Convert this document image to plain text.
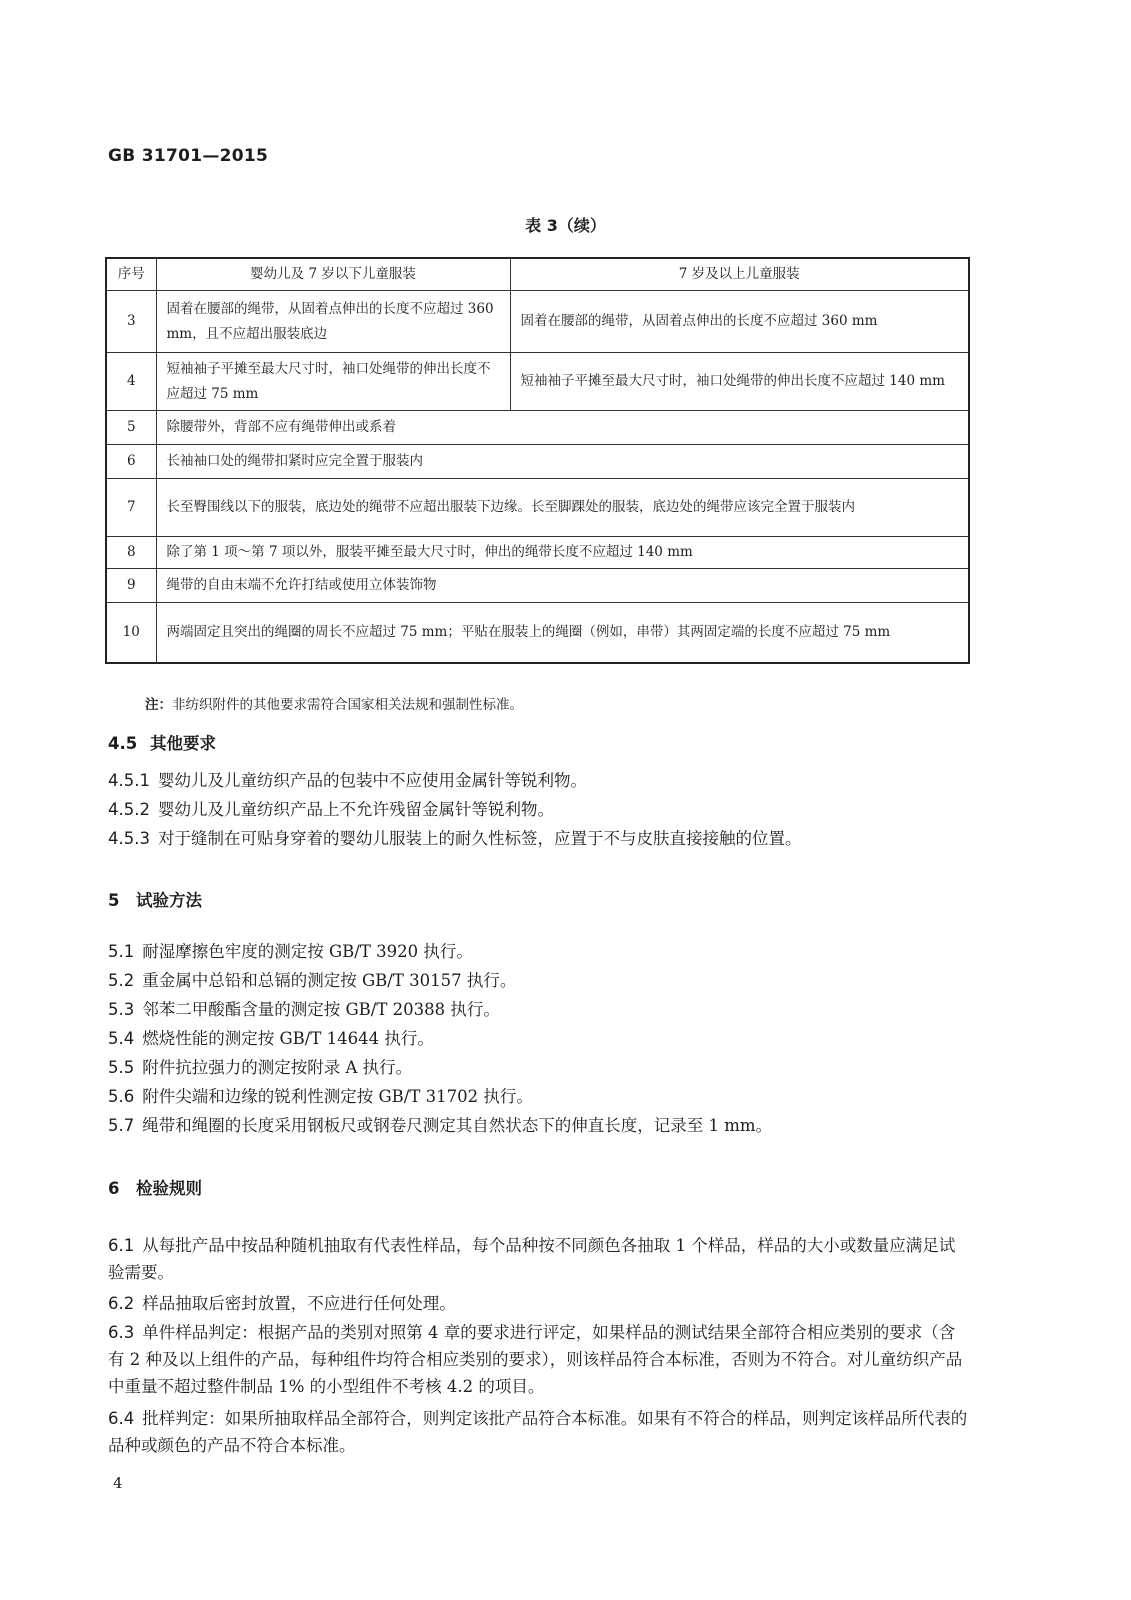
GB 31701—2015
表 3（续）
序号	婴幼儿及 7 岁以下儿童服装	7 岁及以上儿童服装
3	固着在腰部的绳带，从固着点伸出的长度不应超过 360 mm，且不应超出服装底边	固着在腰部的绳带，从固着点伸出的长度不应超过 360 mm
4	短袖袖子平摊至最大尺寸时，袖口处绳带的伸出长度不应超过 75 mm	短袖袖子平摊至最大尺寸时，袖口处绳带的伸出长度不应超过 140 mm
5	除腰带外，背部不应有绳带伸出或系着	
6	长袖袖口处的绳带扣紧时应完全置于服装内	
7	长至臀围线以下的服装，底边处的绳带不应超出服装下边缘。长至脚踝处的服装，底边处的绳带应该完全置于服装内	
8	除了第 1 项～第 7 项以外，服装平摊至最大尺寸时，伸出的绳带长度不应超过 140 mm	
9	绳带的自由末端不允许打结或使用立体装饰物	
10	两端固定且突出的绳圈的周长不应超过 75 mm；平贴在服装上的绳圈（例如，串带）其两固定端的长度不应超过 75 mm	
注：非纺织附件的其他要求需符合国家相关法规和强制性标准。
4.5 其他要求
4.5.1 婴幼儿及儿童纺织产品的包装中不应使用金属针等锐利物。
4.5.2 婴幼儿及儿童纺织产品上不允许残留金属针等锐利物。
4.5.3 对于缝制在可贴身穿着的婴幼儿服装上的耐久性标签，应置于不与皮肤直接接触的位置。
5 试验方法
5.1 耐湿摩擦色牢度的测定按 GB/T 3920 执行。
5.2 重金属中总铅和总镉的测定按 GB/T 30157 执行。
5.3 邻苯二甲酸酯含量的测定按 GB/T 20388 执行。
5.4 燃烧性能的测定按 GB/T 14644 执行。
5.5 附件抗拉强力的测定按附录 A 执行。
5.6 附件尖端和边缘的锐利性测定按 GB/T 31702 执行。
5.7 绳带和绳圈的长度采用钢板尺或钢卷尺测定其自然状态下的伸直长度，记录至 1 mm。
6 检验规则
6.1 从每批产品中按品种随机抽取有代表性样品，每个品种按不同颜色各抽取 1 个样品，样品的大小或数量应满足试验需要。
6.2 样品抽取后密封放置，不应进行任何处理。
6.3 单件样品判定：根据产品的类别对照第 4 章的要求进行评定，如果样品的测试结果全部符合相应类别的要求（含有 2 种及以上组件的产品，每种组件均符合相应类别的要求），则该样品符合本标准，否则为不符合。对儿童纺织产品中重量不超过整件制品 1% 的小型组件不考核 4.2 的项目。
6.4 批样判定：如果所抽取样品全部符合，则判定该批产品符合本标准。如果有不符合的样品，则判定该样品所代表的品种或颜色的产品不符合本标准。
4
